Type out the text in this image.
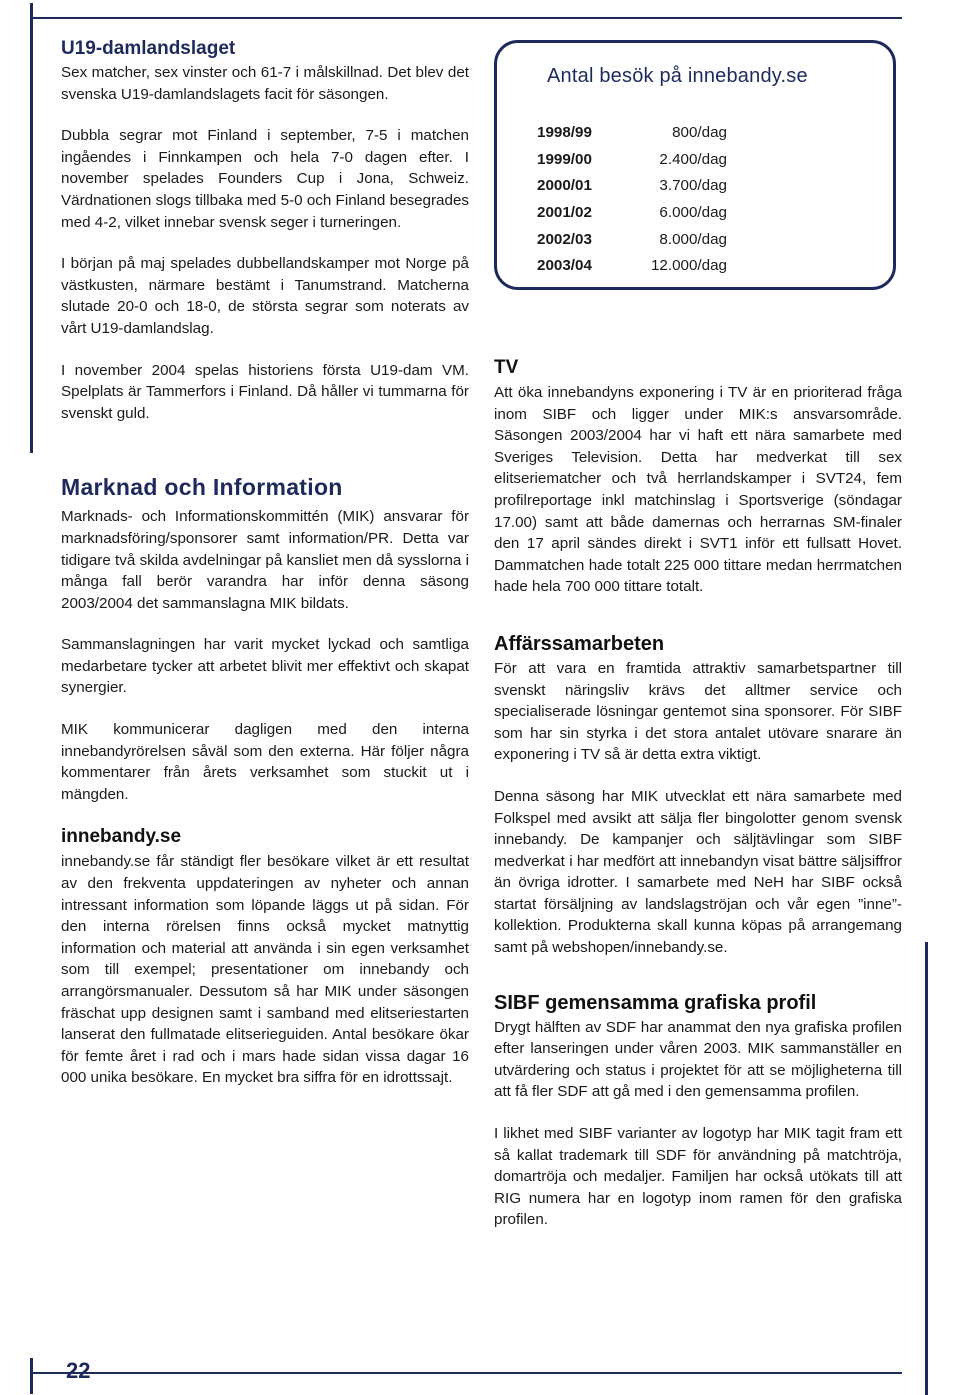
U19-damlandslaget

Sex matcher, sex vinster och 61-7 i målskillnad. Det blev det svenska U19-damlandslagets facit för säsongen.

Dubbla segrar mot Finland i september, 7-5 i matchen ingåendes i Finnkampen och hela 7-0 dagen efter. I november spelades Founders Cup i Jona, Schweiz. Värdnationen slogs tillbaka med 5-0 och Finland besegrades med 4-2, vilket innebar svensk seger i turneringen.

I början på maj spelades dubbellandskamper mot Norge på västkusten, närmare bestämt i Tanumstrand. Matcherna slutade 20-0 och 18-0, de största segrar som noterats av vårt U19-damlandslag.

I november 2004 spelas historiens första U19-dam VM. Spelplats är Tammerfors i Finland. Då håller vi tummarna för svenskt guld.

Marknad och Information

Marknads- och Informationskommittén (MIK) ansvarar för marknadsföring/sponsorer samt information/PR. Detta var tidigare två skilda avdelningar på kansliet men då sysslorna i många fall berör varandra har inför denna säsong 2003/2004 det sammanslagna MIK bildats.

Sammanslagningen har varit mycket lyckad och samtliga medarbetare tycker att arbetet blivit mer effektivt och skapat synergier.

MIK kommunicerar dagligen med den interna innebandyrörelsen såväl som den externa. Här följer några kommentarer från årets verksamhet som stuckit ut i mängden.

innebandy.se

innebandy.se får ständigt fler besökare vilket är ett resultat av den frekventa uppdateringen av nyheter och annan intressant information som löpande läggs ut på sidan. För den interna rörelsen finns också mycket matnyttig information och material att använda i sin egen verksamhet som till exempel; presentationer om innebandy och arrangörsmanualer. Dessutom så har MIK under säsongen fräschat upp designen samt i samband med elitseriestarten lanserat den fullmatade elitserieguiden. Antal besökare ökar för femte året i rad och i mars hade sidan vissa dagar 16 000 unika besökare. En mycket bra siffra för en idrottssajt.

Antal besök på innebandy.se
1998/99	800/dag
1999/00	2.400/dag
2000/01	3.700/dag
2001/02	6.000/dag
2002/03	8.000/dag
2003/04	12.000/dag
TV

Att öka innebandyns exponering i TV är en prioriterad fråga inom SIBF och ligger under MIK:s ansvarsområde. Säsongen 2003/2004 har vi haft ett nära samarbete med Sveriges Television. Detta har medverkat till sex elitseriematcher och två herrlandskamper i SVT24, fem profilreportage inkl matchinslag i Sportsverige (söndagar 17.00) samt att både damernas och herrarnas SM-finaler den 17 april sändes direkt i SVT1 inför ett fullsatt Hovet. Dammatchen hade totalt 225 000 tittare medan herrmatchen hade hela 700 000 tittare totalt.

Affärssamarbeten

För att vara en framtida attraktiv samarbetspartner till svenskt näringsliv krävs det alltmer service och specialiserade lösningar gentemot sina sponsorer. För SIBF som har sin styrka i det stora antalet utövare snarare än exponering i TV så är detta extra viktigt.

Denna säsong har MIK utvecklat ett nära samarbete med Folkspel med avsikt att sälja fler bingolotter genom svensk innebandy. De kampanjer och säljtävlingar som SIBF medverkat i har medfört att innebandyn visat bättre säljsiffror än övriga idrotter. I samarbete med NeH har SIBF också startat försäljning av landslagströjan och vår egen ”inne”-kollektion. Produkterna skall kunna köpas på arrangemang samt på webshopen/innebandy.se.

SIBF gemensamma grafiska profil

Drygt hälften av SDF har anammat den nya grafiska profilen efter lanseringen under våren 2003. MIK sammanställer en utvärdering och status i projektet för att se möjligheterna till att få fler SDF att gå med i den gemensamma profilen.

I likhet med SIBF varianter av logotyp har MIK tagit fram ett så kallat trademark till SDF för användning på matchtröja, domartröja och medaljer. Familjen har också utökats till att RIG numera har en logotyp inom ramen för den grafiska profilen.

22
